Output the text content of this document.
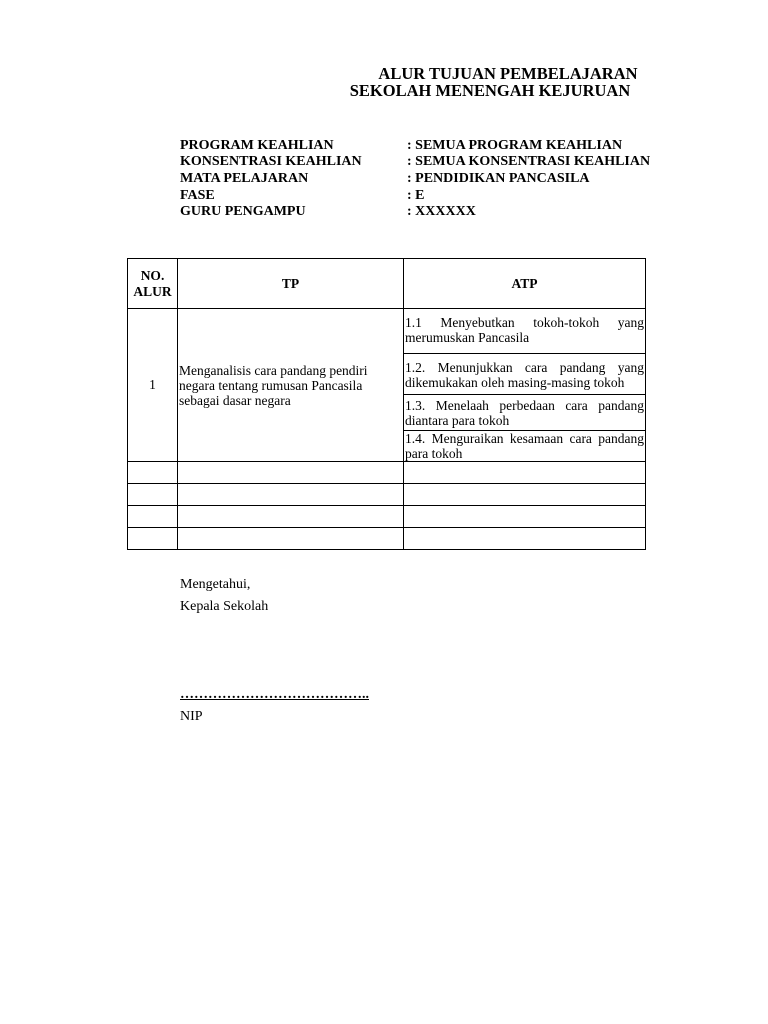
ALUR TUJUAN PEMBELAJARAN
SEKOLAH MENENGAH KEJURUAN
PROGRAM KEAHLIAN	: SEMUA PROGRAM KEAHLIAN
KONSENTRASI KEAHLIAN	: SEMUA KONSENTRASI KEAHLIAN
MATA PELAJARAN	: PENDIDIKAN PANCASILA
FASE	: E
GURU PENGAMPU	: XXXXXX
NO. ALUR	TP	ATP
1	Menganalisis cara pandang pendiri negara tentang rumusan Pancasila sebagai dasar negara	1.1 Menyebutkan tokoh-tokoh yang merumuskan Pancasila

		1.2. Menunjukkan cara pandang yang dikemukakan oleh masing-masing tokoh

		1.3. Menelaah perbedaan cara pandang diantara para tokoh

		1.4. Menguraikan kesamaan cara pandang para tokoh

Mengetahui,
Kepala Sekolah
…………………………………..
NIP
